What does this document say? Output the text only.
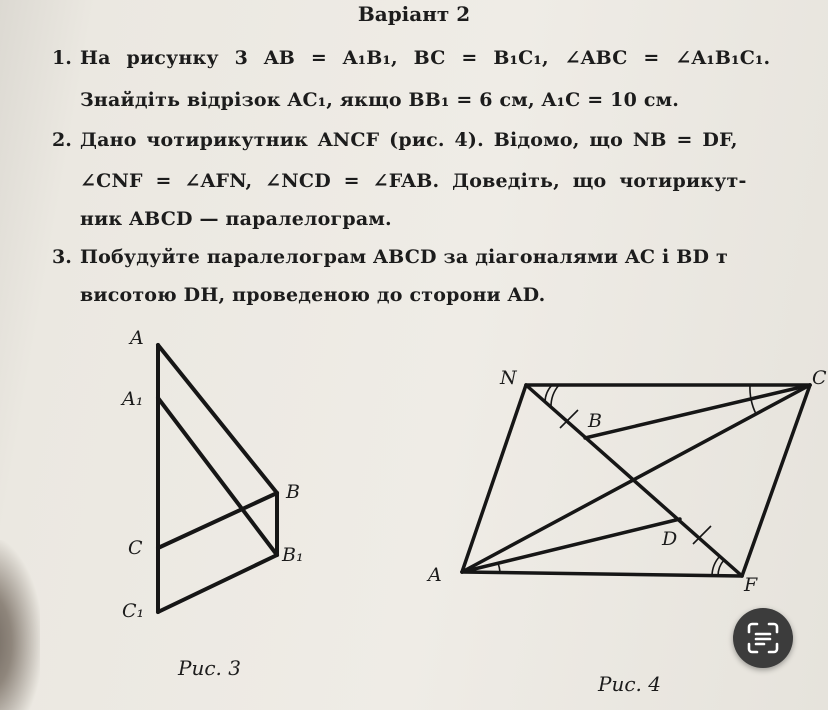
Варіант 2
1. На рисунку 3 AB = A₁B₁, BC = B₁C₁, ∠ABC = ∠A₁B₁C₁.
Знайдіть відрізок AC₁, якщо BB₁ = 6 см, A₁C = 10 см.
2. Дано чотирикутник ANCF (рис. 4). Відомо, що NB = DF,
∠CNF = ∠AFN, ∠NCD = ∠FAB. Доведіть, що чотирикут-
ник ABCD — паралелограм.
3. Побудуйте паралелограм ABCD за діагоналями AC і BD т
висотою DH, проведеною до сторони AD.
A
A₁
B
C	B₁
C₁
Рис. 3
N	C
B
D
A	F
Рис. 4
